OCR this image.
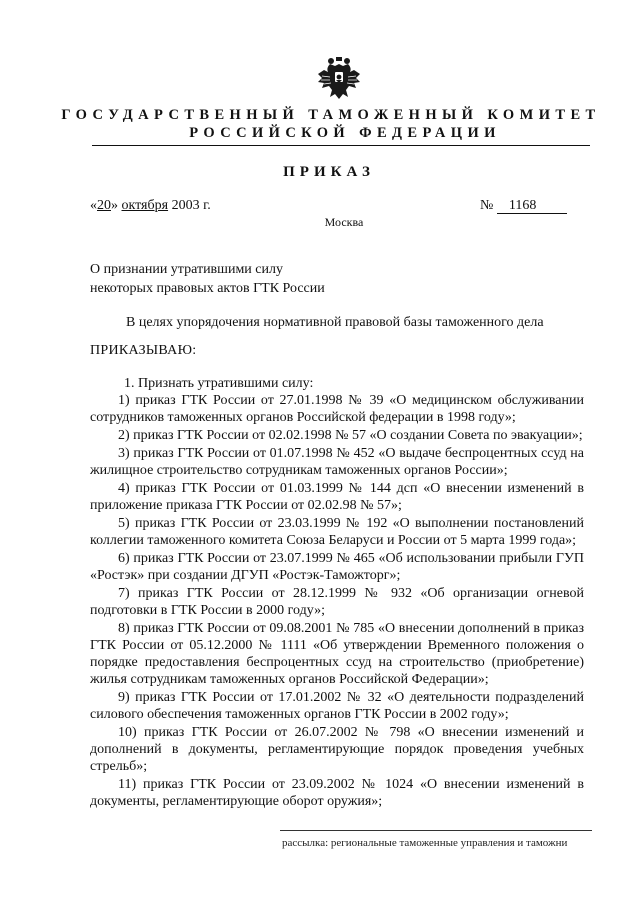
ГОСУДАРСТВЕННЫЙ ТАМОЖЕННЫЙ КОМИТЕТ
РОССИЙСКОЙ ФЕДЕРАЦИИ
ПРИКАЗ
«20» октября 2003 г.	№ 1168
Москва
О признании утратившими силу
некоторых правовых актов ГТК России
В целях упорядочения нормативной правовой базы таможенного дела
ПРИКАЗЫВАЮ:

1. Признать утратившими силу:

1) приказ ГТК России от 27.01.1998 № 39 «О медицинском обслуживании сотрудников таможенных органов Российской федерации в 1998 году»;

2) приказ ГТК России от 02.02.1998 № 57 «О создании Совета по эвакуации»;

3) приказ ГТК России от 01.07.1998 № 452 «О выдаче беспроцентных ссуд на жилищное строительство сотрудникам таможенных органов России»;

4) приказ ГТК России от 01.03.1999 № 144 дсп «О внесении изменений в приложение приказа ГТК России от 02.02.98 № 57»;

5) приказ ГТК России от 23.03.1999 № 192 «О выполнении постановлений коллегии таможенного комитета Союза Беларуси и России от 5 марта 1999 года»;

6) приказ ГТК России от 23.07.1999 № 465 «Об использовании прибыли ГУП «Ростэк» при создании ДГУП «Ростэк-Таможторг»;

7) приказ ГТК России от 28.12.1999 № 932 «Об организации огневой подготовки в ГТК России в 2000 году»;

8) приказ ГТК России от 09.08.2001 № 785 «О внесении дополнений в приказ ГТК России от 05.12.2000 № 1111 «Об утверждении Временного положения о порядке предоставления беспроцентных ссуд на строительство (приобретение) жилья сотрудникам таможенных органов Российской Федерации»;

9) приказ ГТК России от 17.01.2002 № 32 «О деятельности подразделений силового обеспечения таможенных органов ГТК России в 2002 году»;

10) приказ ГТК России от 26.07.2002 № 798 «О внесении изменений и дополнений в документы, регламентирующие порядок проведения учебных стрельб»;

11) приказ ГТК России от 23.09.2002 № 1024 «О внесении изменений в документы, регламентирующие оборот оружия»;

рассылка: региональные таможенные управления и таможни
